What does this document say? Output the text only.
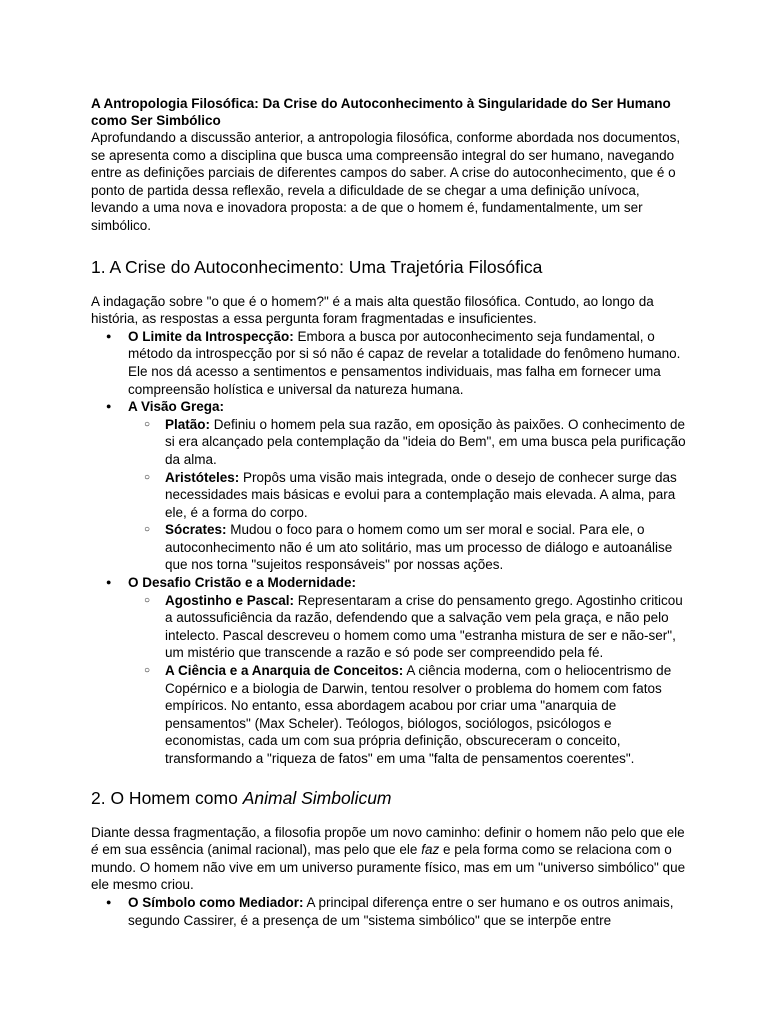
A Antropologia Filosófica: Da Crise do Autoconhecimento à Singularidade do Ser Humano como Ser Simbólico

Aprofundando a discussão anterior, a antropologia filosófica, conforme abordada nos documentos, se apresenta como a disciplina que busca uma compreensão integral do ser humano, navegando entre as definições parciais de diferentes campos do saber. A crise do autoconhecimento, que é o ponto de partida dessa reflexão, revela a dificuldade de se chegar a uma definição unívoca, levando a uma nova e inovadora proposta: a de que o homem é, fundamentalmente, um ser simbólico.

1. A Crise do Autoconhecimento: Uma Trajetória Filosófica

A indagação sobre "o que é o homem?" é a mais alta questão filosófica. Contudo, ao longo da história, as respostas a essa pergunta foram fragmentadas e insuficientes.

● O Limite da Introspecção: Embora a busca por autoconhecimento seja fundamental, o método da introspecção por si só não é capaz de revelar a totalidade do fenômeno humano. Ele nos dá acesso a sentimentos e pensamentos individuais, mas falha em fornecer uma compreensão holística e universal da natureza humana.
● A Visão Grega:
○ Platão: Definiu o homem pela sua razão, em oposição às paixões. O conhecimento de si era alcançado pela contemplação da "ideia do Bem", em uma busca pela purificação da alma.
○ Aristóteles: Propôs uma visão mais integrada, onde o desejo de conhecer surge das necessidades mais básicas e evolui para a contemplação mais elevada. A alma, para ele, é a forma do corpo.
○ Sócrates: Mudou o foco para o homem como um ser moral e social. Para ele, o autoconhecimento não é um ato solitário, mas um processo de diálogo e autoanálise que nos torna "sujeitos responsáveis" por nossas ações.
● O Desafio Cristão e a Modernidade:
○ Agostinho e Pascal: Representaram a crise do pensamento grego. Agostinho criticou a autossuficiência da razão, defendendo que a salvação vem pela graça, e não pelo intelecto. Pascal descreveu o homem como uma "estranha mistura de ser e não-ser", um mistério que transcende a razão e só pode ser compreendido pela fé.
○ A Ciência e a Anarquia de Conceitos: A ciência moderna, com o heliocentrismo de Copérnico e a biologia de Darwin, tentou resolver o problema do homem com fatos empíricos. No entanto, essa abordagem acabou por criar uma "anarquia de pensamentos" (Max Scheler). Teólogos, biólogos, sociólogos, psicólogos e economistas, cada um com sua própria definição, obscureceram o conceito, transformando a "riqueza de fatos" em uma "falta de pensamentos coerentes".
2. O Homem como Animal Simbolicum

Diante dessa fragmentação, a filosofia propõe um novo caminho: definir o homem não pelo que ele é em sua essência (animal racional), mas pelo que ele faz e pela forma como se relaciona com o mundo. O homem não vive em um universo puramente físico, mas em um "universo simbólico" que ele mesmo criou.

● O Símbolo como Mediador: A principal diferença entre o ser humano e os outros animais, segundo Cassirer, é a presença de um "sistema simbólico" que se interpõe entre
